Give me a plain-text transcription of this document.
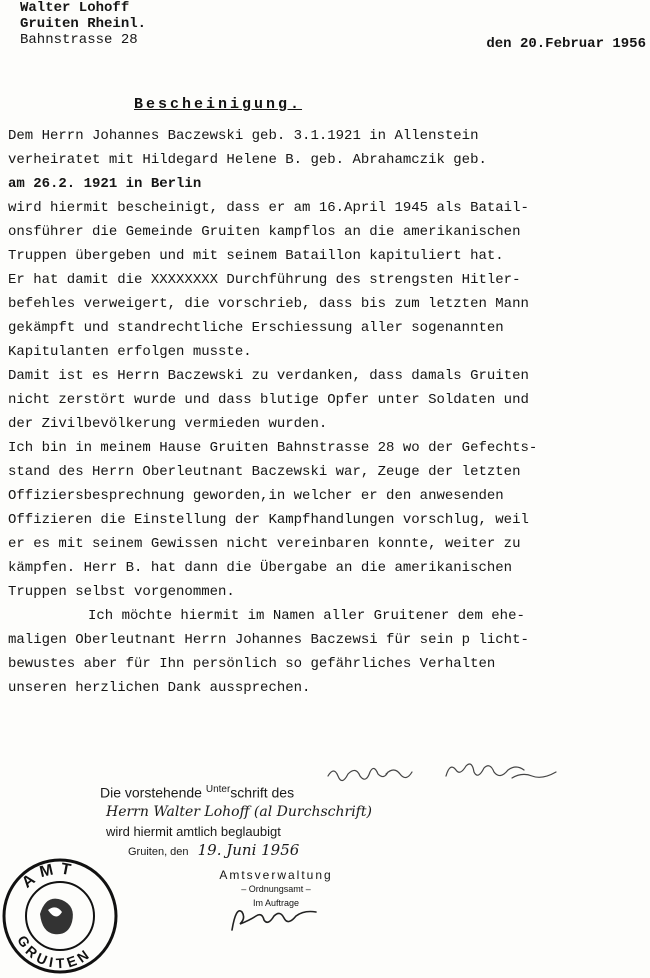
Walter Lohoff
Gruiten Rheinl.
Bahnstrasse 28	den 20.Februar 1956
Bescheinigung.
Dem Herrn Johannes Baczewski geb. 3.1.1921 in Allenstein
verheiratet mit Hildegard Helene B. geb. Abrahamczik geb.
am 26.2. 1921 in Berlin
wird hiermit bescheinigt, dass er am 16.April 1945 als Batail-
onsführer die Gemeinde Gruiten kampflos an die amerikanischen
Truppen übergeben und mit seinem Bataillon kapituliert hat.
Er hat damit die XXXXXXXX Durchführung des strengsten Hitler-
befehles verweigert, die vorschrieb, dass bis zum letzten Mann
gekämpft und standrechtliche Erschiessung aller sogenannten
Kapitulanten erfolgen musste.
Damit ist es Herrn Baczewski zu verdanken, dass damals Gruiten
nicht zerstört wurde und dass blutige Opfer unter Soldaten und
der Zivilbevölkerung vermieden wurden.
Ich bin in meinem Hause Gruiten Bahnstrasse 28 wo der Gefechts-
stand des Herrn Oberleutnant Baczewski war, Zeuge der letzten
Offiziersbesprechnung geworden,in welcher er den anwesenden
Offizieren die Einstellung der Kampfhandlungen vorschlug, weil
er es mit seinem Gewissen nicht vereinbaren konnte, weiter zu
kämpfen. Herr B. hat dann die Übergabe an die amerikanischen
Truppen selbst vorgenommen.
Ich möchte hiermit im Namen aller Gruitener dem ehe-
maligen Oberleutnant Herrn Johannes Baczewsi für sein p licht-
bewustes aber für Ihn persönlich so gefährliches Verhalten
unseren herzlichen Dank aussprechen.
Die vorstehende $^{Unter}$schrift des
Herrn Walter Lohoff (al Durchschrift)
wird hiermit amtlich beglaubigt
Gruiten, den 19. Juni 1956
Amtsverwaltung
– Ordnungsamt –
Im Auftrage
AMT
GRUITEN
